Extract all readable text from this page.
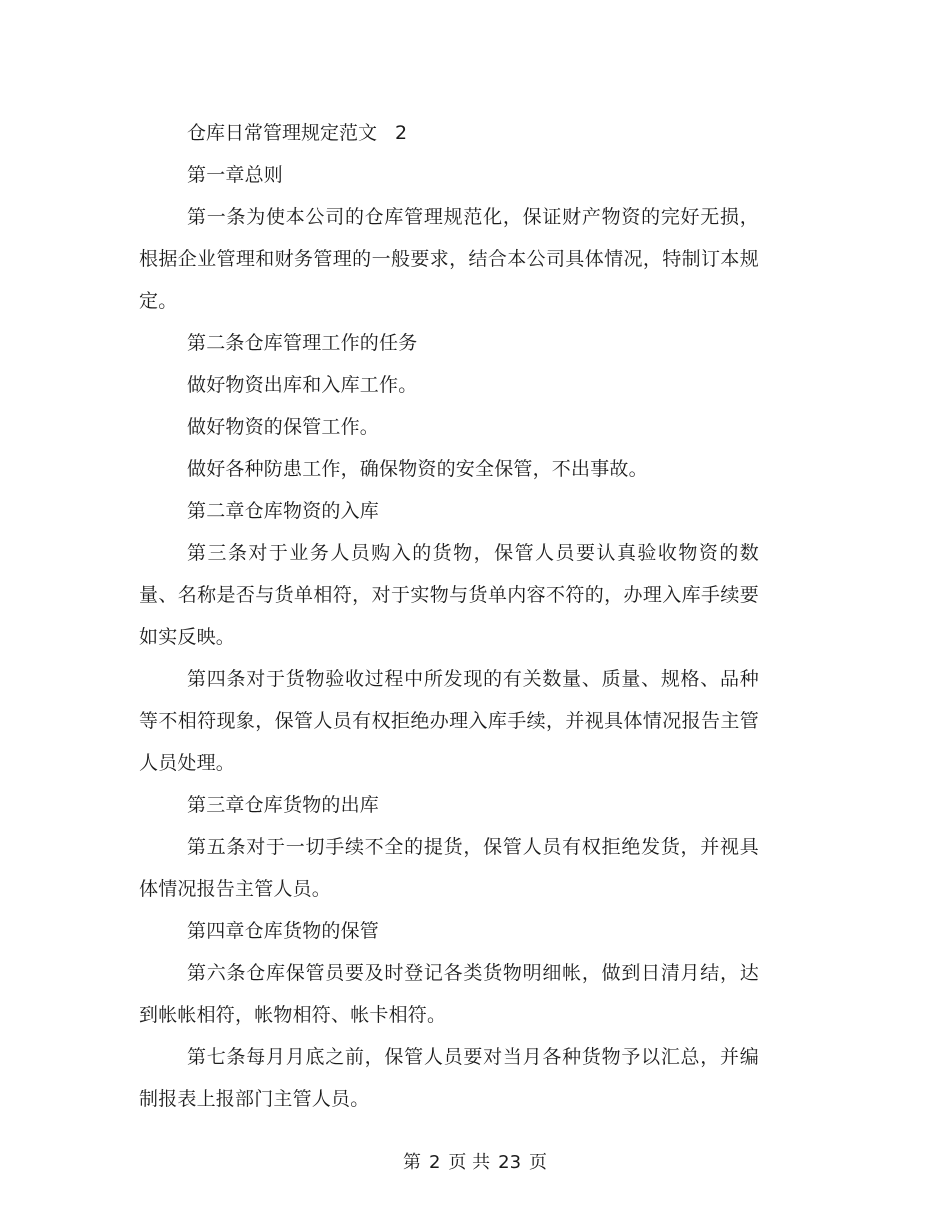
仓库日常管理规定范文 2

第一章总则

第一条为使本公司的仓库管理规范化，保证财产物资的完好无损，根据企业管理和财务管理的一般要求，结合本公司具体情况，特制订本规定。

第二条仓库管理工作的任务

做好物资出库和入库工作。

做好物资的保管工作。

做好各种防患工作，确保物资的安全保管，不出事故。

第二章仓库物资的入库

第三条对于业务人员购入的货物，保管人员要认真验收物资的数量、名称是否与货单相符，对于实物与货单内容不符的，办理入库手续要如实反映。

第四条对于货物验收过程中所发现的有关数量、质量、规格、品种等不相符现象，保管人员有权拒绝办理入库手续，并视具体情况报告主管人员处理。

第三章仓库货物的出库

第五条对于一切手续不全的提货，保管人员有权拒绝发货，并视具体情况报告主管人员。

第四章仓库货物的保管

第六条仓库保管员要及时登记各类货物明细帐，做到日清月结，达到帐帐相符，帐物相符、帐卡相符。

第七条每月月底之前，保管人员要对当月各种货物予以汇总，并编制报表上报部门主管人员。

第 2 页 共 23 页
